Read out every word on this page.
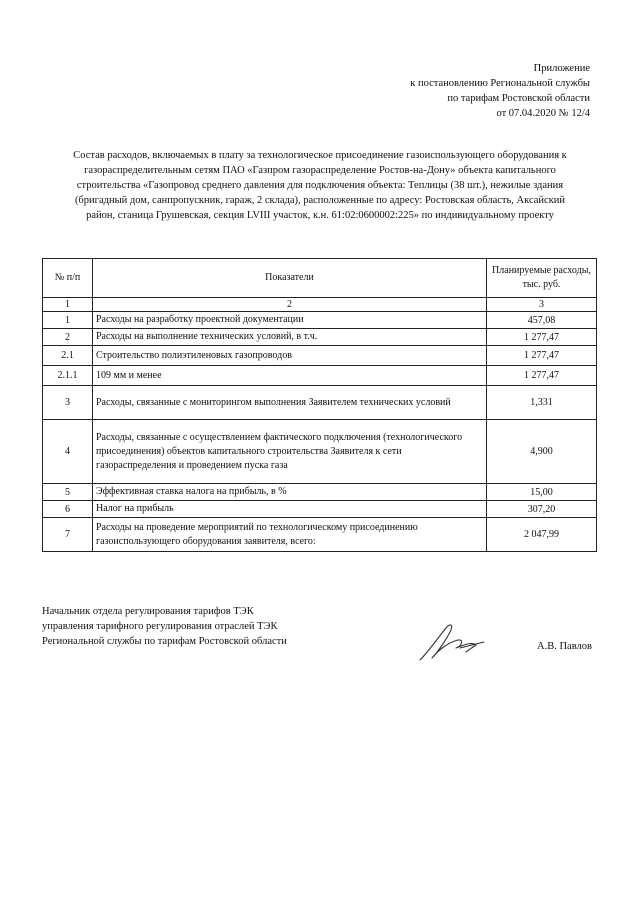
Приложение
к постановлению Региональной службы
по тарифам Ростовской области
от 07.04.2020 № 12/4
Состав расходов, включаемых в плату за технологическое присоединение газоиспользующего оборудования к
газораспределительным сетям ПАО «Газпром газораспределение Ростов-на-Дону» объекта капитального
строительства «Газопровод среднего давления для подключения объекта: Теплицы (38 шт.), нежилые здания
(бригадный дом, санпропускник, гараж, 2 склада), расположенные по адресу: Ростовская область, Аксайский
район, станица Грушевская, секция LVIII участок, к.н. 61:02:0600002:225» по индивидуальному проекту
№ п/п	Показатели	Планируемые расходы,
тыс. руб.

1	2	3
1	Расходы на разработку проектной документации	457,08
2	Расходы на выполнение технических условий, в т.ч.	1 277,47
2.1	Строительство полиэтиленовых газопроводов	1 277,47
2.1.1	109 мм и менее	1 277,47
3	Расходы, связанные с мониторингом выполнения Заявителем технических условий	1,331
4	Расходы, связанные с осуществлением фактического подключения (технологического присоединения) объектов капитального строительства Заявителя к сети газораспределения и проведением пуска газа	4,900
5	Эффективная ставка налога на прибыль, в %	15,00
6	Налог на прибыль	307,20
7	Расходы на проведение мероприятий по технологическому присоединению газоиспользующего оборудования заявителя, всего:	2 047,99
Начальник отдела регулирования тарифов ТЭК
управления тарифного регулирования отраслей ТЭК
Региональной службы по тарифам Ростовской области	А.В. Павлов
